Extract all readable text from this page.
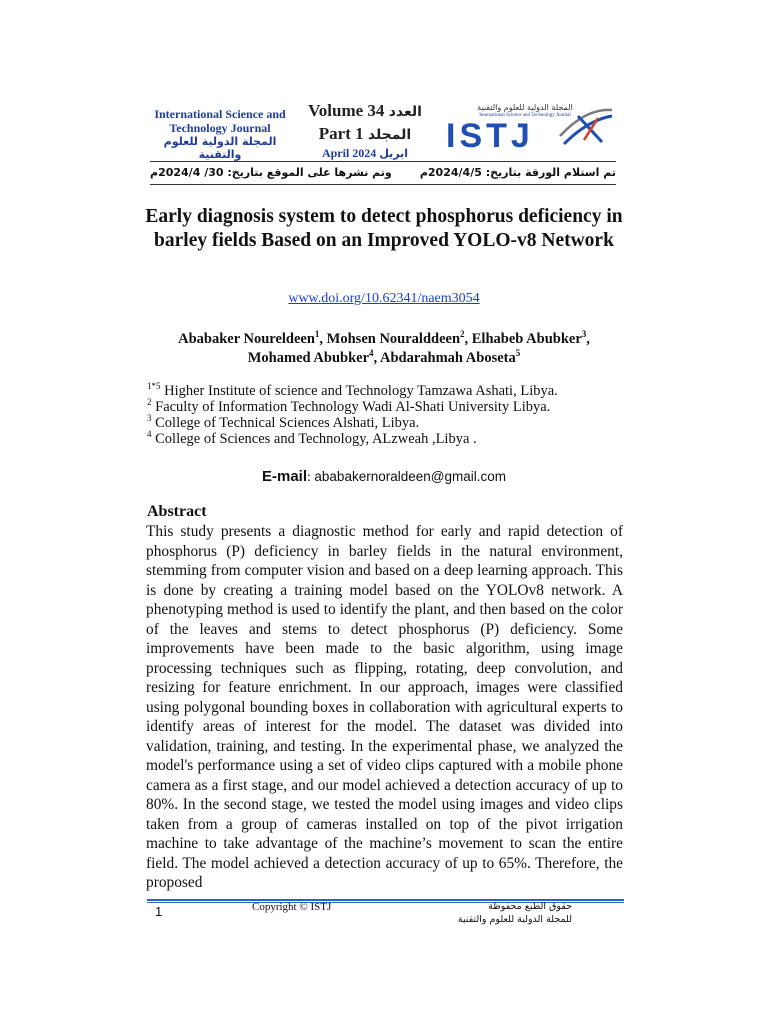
International Science and Technology Journal
المجلة الدولية للعلوم والتقنية
Volume 34 العدد
Part 1 المجلد
April 2024 ابريل
المجلة الدولية للعلوم والتقنية
International Science and Technology Journal
ISTJ
تم استلام الورقة بتاريخ: 2024/4/5م
وتم نشرها على الموقع بتاريخ: 30/ 2024/4م
Early diagnosis system to detect phosphorus deficiency in barley fields Based on an Improved YOLO-v8 Network
www.doi.org/10.62341/naem3054
Ababaker Noureldeen$^1$, Mohsen Nouralddeen$^2$, Elhabeb Abubker$^3$,
Mohamed Abubker$^4$, Abdarahmah Aboseta$^5$
$^{1*5}$ Higher Institute of science and Technology Tamzawa Ashati, Libya.
$^2$ Faculty of Information Technology Wadi Al-Shati University Libya.
$^3$ College of Technical Sciences Alshati, Libya.
$^4$ College of Sciences and Technology, ALzweah ,Libya .
E-mail: ababakernoraldeen@gmail.com
Abstract
This study presents a diagnostic method for early and rapid detection of phosphorus (P) deficiency in barley fields in the natural environment, stemming from computer vision and based on a deep learning approach. This is done by creating a training model based on the YOLOv8 network. A phenotyping method is used to identify the plant, and then based on the color of the leaves and stems to detect phosphorus (P) deficiency. Some improvements have been made to the basic algorithm, using image processing techniques such as flipping, rotating, deep convolution, and resizing for feature enrichment. In our approach, images were classified using polygonal bounding boxes in collaboration with agricultural experts to identify areas of interest for the model. The dataset was divided into validation, training, and testing. In the experimental phase, we analyzed the model's performance using a set of video clips captured with a mobile phone camera as a first stage, and our model achieved a detection accuracy of up to 80%. In the second stage, we tested the model using images and video clips taken from a group of cameras installed on top of the pivot irrigation machine to take advantage of the machine’s movement to scan the entire field. The model achieved a detection accuracy of up to 65%. Therefore, the proposed
1	Copyright © ISTJ	حقوق الطبع محفوظة
للمجلة الدولية للعلوم والتقنية
